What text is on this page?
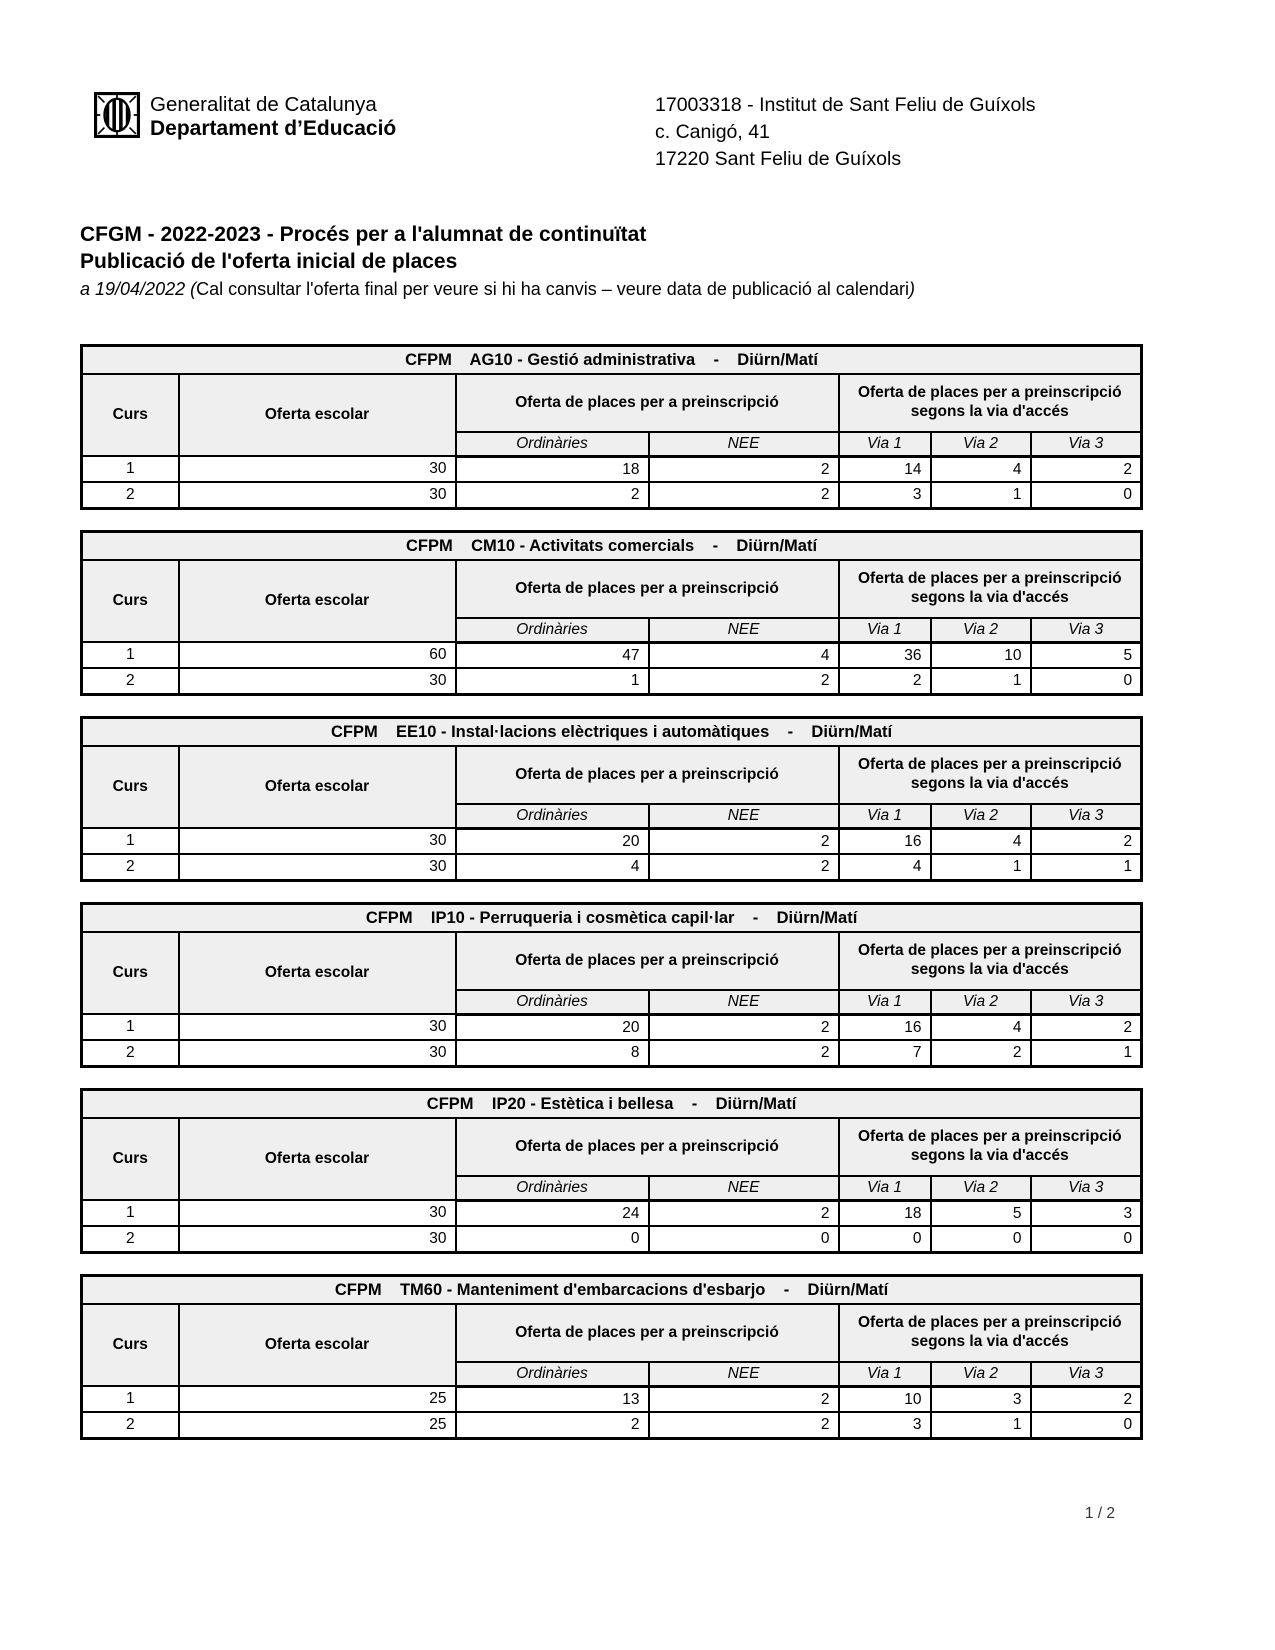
Generalitat de Catalunya
Departament d’Educació
17003318 - Institut de Sant Feliu de Guíxols
c. Canigó, 41
17220 Sant Feliu de Guíxols
CFGM - 2022-2023 - Procés per a l'alumnat de continuïtat
Publicació de l'oferta inicial de places

a 19/04/2022 (Cal consultar l'oferta final per veure si hi ha canvis – veure data de publicació al calendari)

CFPM    AG10 - Gestió administrativa    -    Diürn/Matí						
Curs	Oferta escolar	Oferta de places per a preinscripció		Oferta de places per a preinscripció segons la via d'accés		
		Ordinàries	NEE	Via 1	Via 2	Via 3
1	30	18	2	14	4	2
2	30	2	2	3	1	0
CFPM    CM10 - Activitats comercials    -    Diürn/Matí						
Curs	Oferta escolar	Oferta de places per a preinscripció		Oferta de places per a preinscripció segons la via d'accés		
		Ordinàries	NEE	Via 1	Via 2	Via 3
1	60	47	4	36	10	5
2	30	1	2	2	1	0
CFPM    EE10 - Instal·lacions elèctriques i automàtiques    -    Diürn/Matí						
Curs	Oferta escolar	Oferta de places per a preinscripció		Oferta de places per a preinscripció segons la via d'accés		
		Ordinàries	NEE	Via 1	Via 2	Via 3
1	30	20	2	16	4	2
2	30	4	2	4	1	1
CFPM    IP10 - Perruqueria i cosmètica capil·lar    -    Diürn/Matí						
Curs	Oferta escolar	Oferta de places per a preinscripció		Oferta de places per a preinscripció segons la via d'accés		
		Ordinàries	NEE	Via 1	Via 2	Via 3
1	30	20	2	16	4	2
2	30	8	2	7	2	1
CFPM    IP20 - Estètica i bellesa    -    Diürn/Matí						
Curs	Oferta escolar	Oferta de places per a preinscripció		Oferta de places per a preinscripció segons la via d'accés		
		Ordinàries	NEE	Via 1	Via 2	Via 3
1	30	24	2	18	5	3
2	30	0	0	0	0	0
CFPM    TM60 - Manteniment d'embarcacions d'esbarjo    -    Diürn/Matí						
Curs	Oferta escolar	Oferta de places per a preinscripció		Oferta de places per a preinscripció segons la via d'accés		
		Ordinàries	NEE	Via 1	Via 2	Via 3
1	25	13	2	10	3	2
2	25	2	2	3	1	0
1 / 2
